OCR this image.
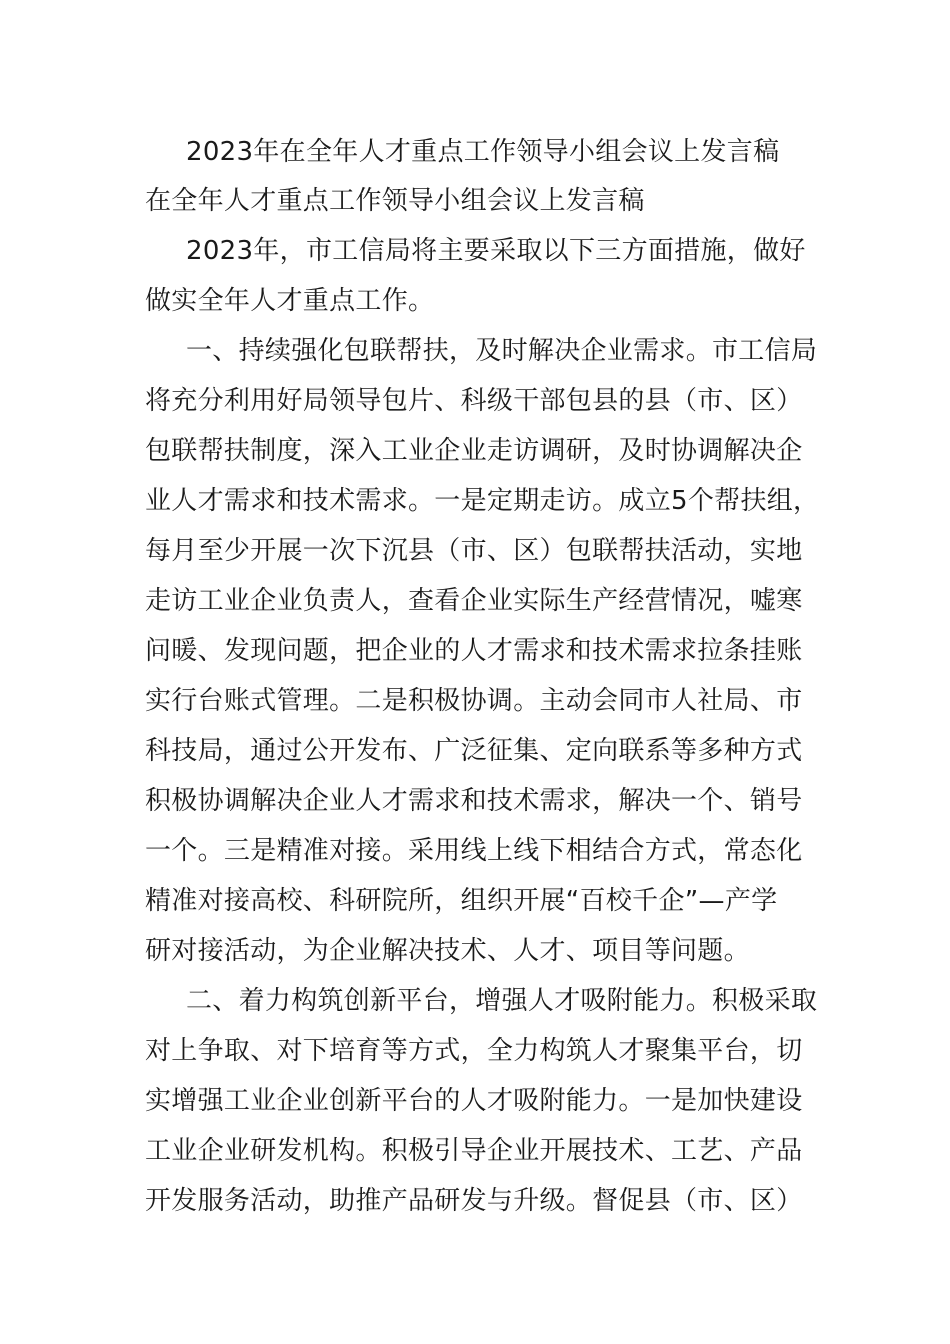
2023年在全年人才重点工作领导小组会议上发言稿
在全年人才重点工作领导小组会议上发言稿
2023年，市工信局将主要采取以下三方面措施，做好
做实全年人才重点工作。
一、持续强化包联帮扶，及时解决企业需求。市工信局
将充分利用好局领导包片、科级干部包县的县（市、区）
包联帮扶制度，深入工业企业走访调研，及时协调解决企
业人才需求和技术需求。一是定期走访。成立5个帮扶组，
每月至少开展一次下沉县（市、区）包联帮扶活动，实地
走访工业企业负责人，查看企业实际生产经营情况，嘘寒
问暖、发现问题，把企业的人才需求和技术需求拉条挂账
实行台账式管理。二是积极协调。主动会同市人社局、市
科技局，通过公开发布、广泛征集、定向联系等多种方式
积极协调解决企业人才需求和技术需求，解决一个、销号
一个。三是精准对接。采用线上线下相结合方式，常态化
精准对接高校、科研院所，组织开展“百校千企”—产学
研对接活动，为企业解决技术、人才、项目等问题。
二、着力构筑创新平台，增强人才吸附能力。积极采取
对上争取、对下培育等方式，全力构筑人才聚集平台，切
实增强工业企业创新平台的人才吸附能力。一是加快建设
工业企业研发机构。积极引导企业开展技术、工艺、产品
开发服务活动，助推产品研发与升级。督促县（市、区）
